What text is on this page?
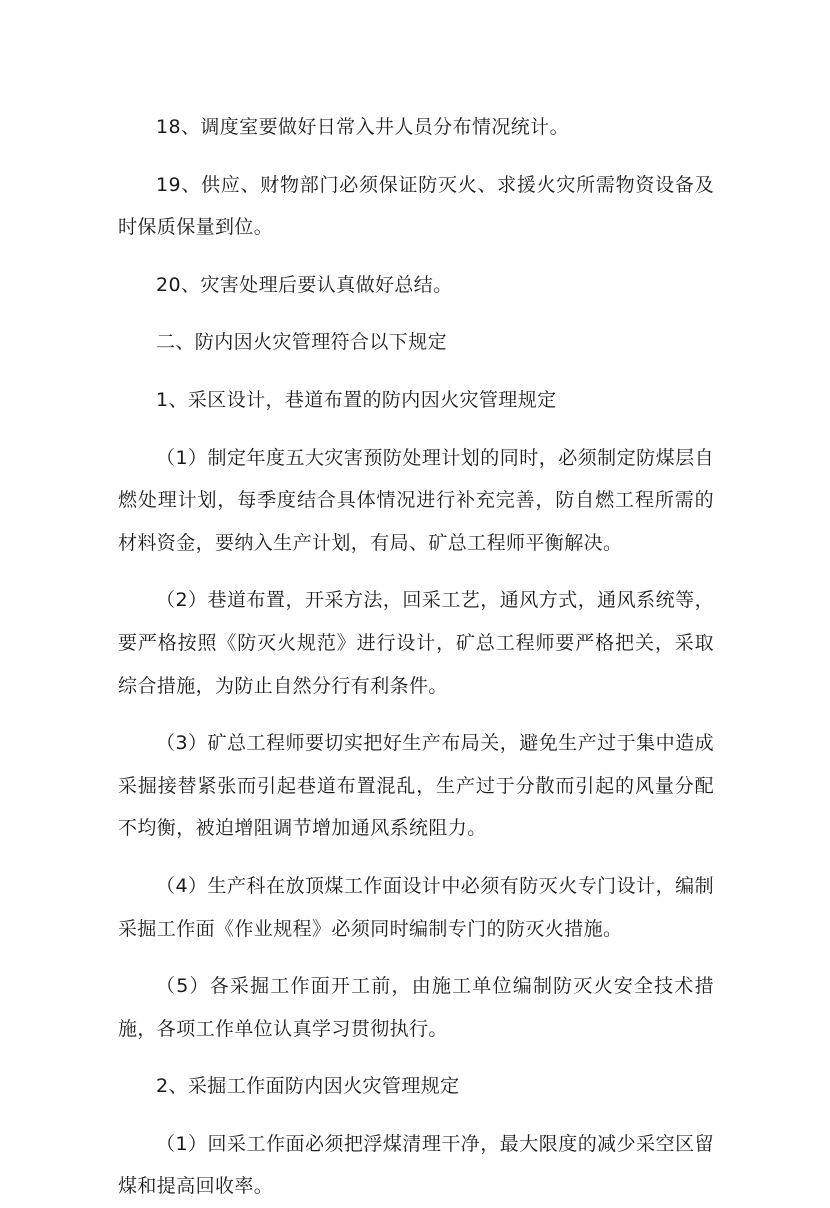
18、调度室要做好日常入井人员分布情况统计。

19、供应、财物部门必须保证防灭火、求援火灾所需物资设备及时保质保量到位。

20、灾害处理后要认真做好总结。

二、防内因火灾管理符合以下规定

1、采区设计，巷道布置的防内因火灾管理规定

（1）制定年度五大灾害预防处理计划的同时，必须制定防煤层自燃处理计划，每季度结合具体情况进行补充完善，防自燃工程所需的材料资金，要纳入生产计划，有局、矿总工程师平衡解决。

（2）巷道布置，开采方法，回采工艺，通风方式，通风系统等，要严格按照《防灭火规范》进行设计，矿总工程师要严格把关，采取综合措施，为防止自然分行有利条件。

（3）矿总工程师要切实把好生产布局关，避免生产过于集中造成采掘接替紧张而引起巷道布置混乱，生产过于分散而引起的风量分配不均衡，被迫增阻调节增加通风系统阻力。

（4）生产科在放顶煤工作面设计中必须有防灭火专门设计，编制采掘工作面《作业规程》必须同时编制专门的防灭火措施。

（5）各采掘工作面开工前，由施工单位编制防灭火安全技术措施，各项工作单位认真学习贯彻执行。

2、采掘工作面防内因火灾管理规定

（1）回采工作面必须把浮煤清理干净，最大限度的减少采空区留煤和提高回收率。
